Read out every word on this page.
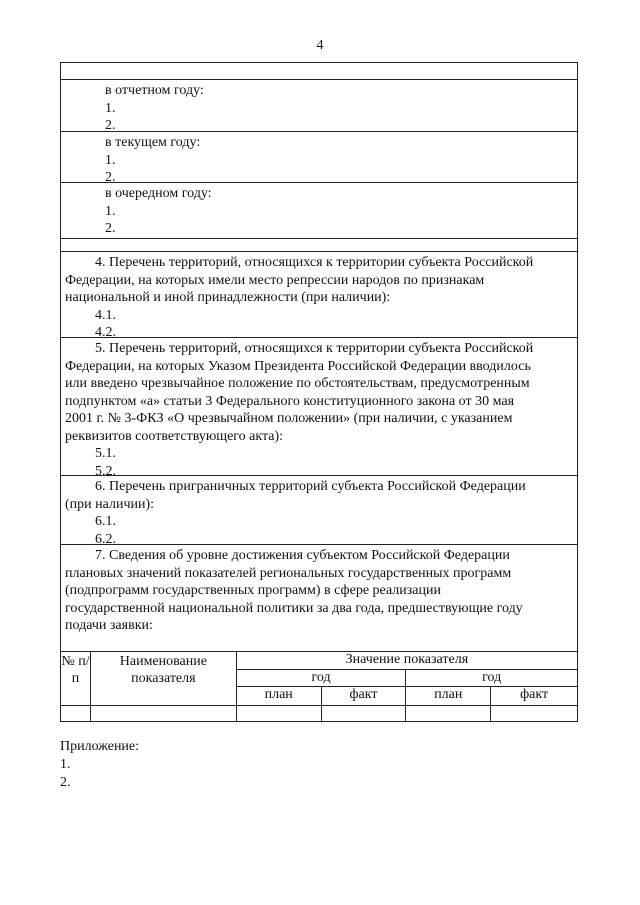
4
в отчетном году:
1.
2.
в текущем году:
1.
2.
в очередном году:
1.
2.
4. Перечень территорий, относящихся к территории субъекта Российской
Федерации, на которых имели место репрессии народов по признакам
национальной и иной принадлежности (при наличии):
4.1.
4.2.
5. Перечень территорий, относящихся к территории субъекта Российской
Федерации, на которых Указом Президента Российской Федерации вводилось
или введено чрезвычайное положение по обстоятельствам, предусмотренным
подпунктом «а» статьи 3 Федерального конституционного закона от 30 мая
2001 г. № 3-ФКЗ «О чрезвычайном положении» (при наличии, с указанием
реквизитов соответствующего акта):
5.1.
5.2.
6. Перечень приграничных территорий субъекта Российской Федерации
(при наличии):
6.1.
6.2.
7. Сведения об уровне достижения субъектом Российской Федерации
плановых значений показателей региональных государственных программ
(подпрограмм государственных программ) в сфере реализации
государственной национальной политики за два года, предшествующие году
подачи заявки:
№ п/п	Наименование показателя	Значение показателя			
		год		год	
		план	факт	план	факт

Приложение:
1.
2.
